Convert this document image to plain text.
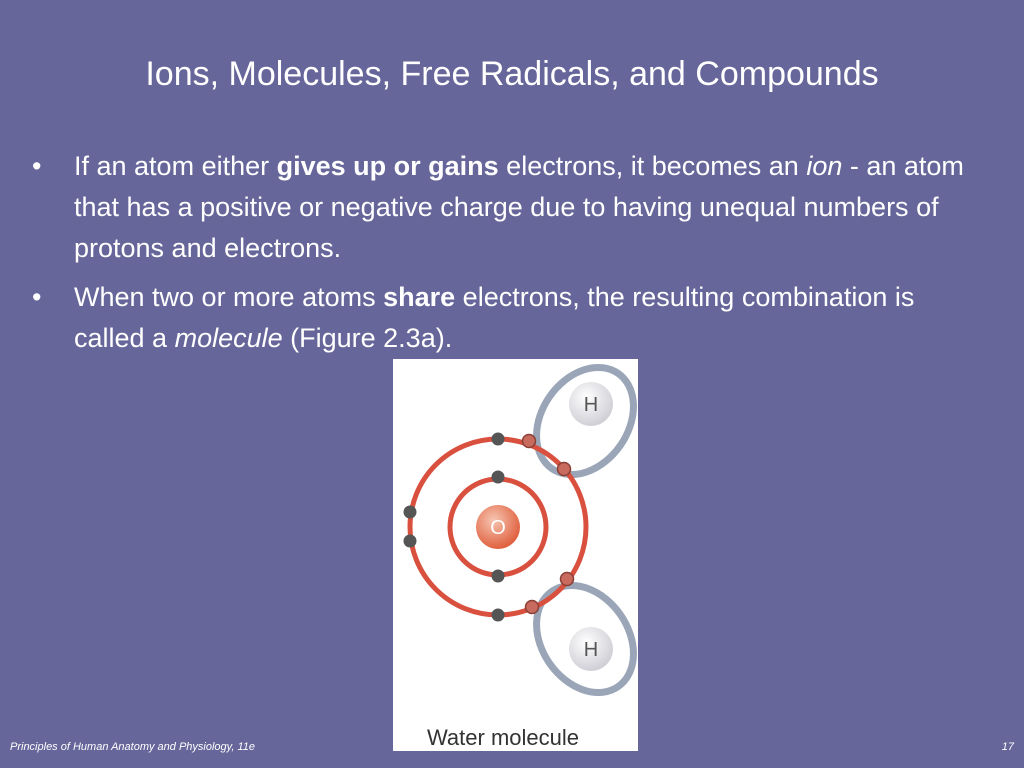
Ions, Molecules, Free Radicals, and Compounds
• If an atom either gives up or gains electrons, it becomes an ion - an atom that has a positive or negative charge due to having unequal numbers of protons and electrons.
• When two or more atoms share electrons, the resulting combination is called a molecule (Figure 2.3a).
O
H
H
Water molecule
Principles of Human Anatomy and Physiology, 11e	17
